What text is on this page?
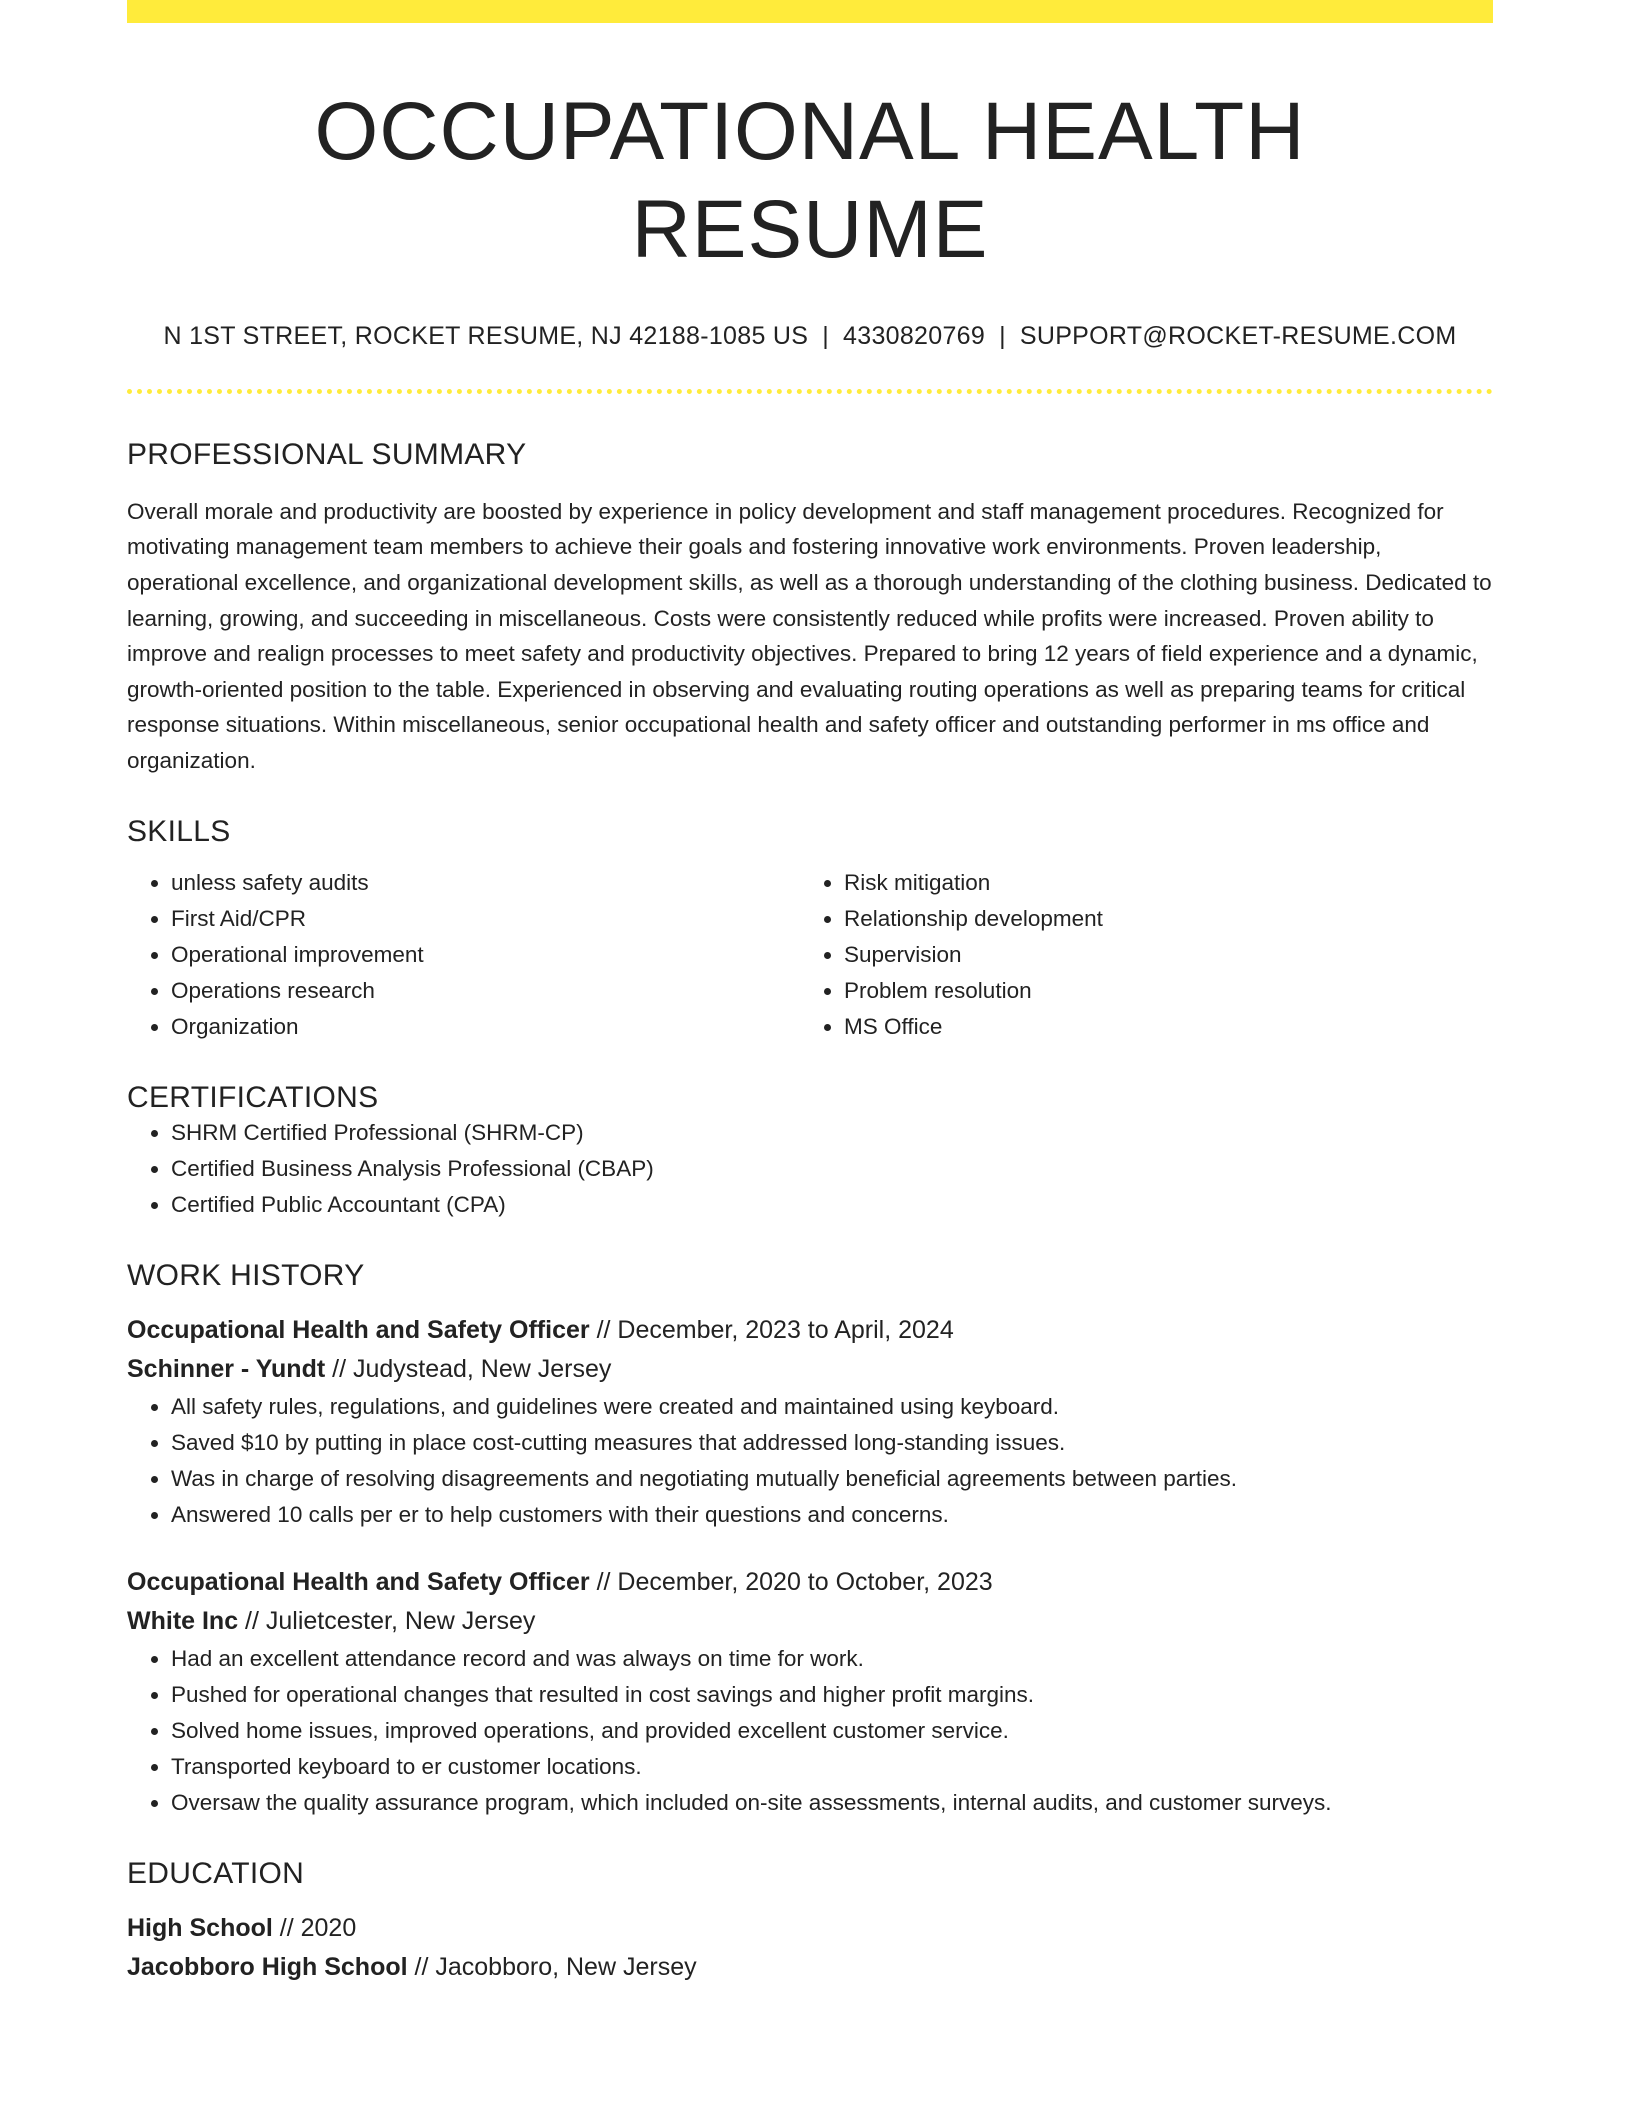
OCCUPATIONAL HEALTH RESUME
N 1ST STREET, ROCKET RESUME, NJ 42188-1085 US | 4330820769 | SUPPORT@ROCKET-RESUME.COM
PROFESSIONAL SUMMARY
Overall morale and productivity are boosted by experience in policy development and staff management procedures. Recognized for motivating management team members to achieve their goals and fostering innovative work environments. Proven leadership, operational excellence, and organizational development skills, as well as a thorough understanding of the clothing business. Dedicated to learning, growing, and succeeding in miscellaneous. Costs were consistently reduced while profits were increased. Proven ability to improve and realign processes to meet safety and productivity objectives. Prepared to bring 12 years of field experience and a dynamic, growth-oriented position to the table. Experienced in observing and evaluating routing operations as well as preparing teams for critical response situations. Within miscellaneous, senior occupational health and safety officer and outstanding performer in ms office and organization.
SKILLS
• unless safety audits
• First Aid/CPR
• Operational improvement
• Operations research
• Organization
• Risk mitigation
• Relationship development
• Supervision
• Problem resolution
• MS Office
CERTIFICATIONS
• SHRM Certified Professional (SHRM-CP)
• Certified Business Analysis Professional (CBAP)
• Certified Public Accountant (CPA)
WORK HISTORY
Occupational Health and Safety Officer // December, 2023 to April, 2024
Schinner - Yundt // Judystead, New Jersey
• All safety rules, regulations, and guidelines were created and maintained using keyboard.
• Saved $10 by putting in place cost-cutting measures that addressed long-standing issues.
• Was in charge of resolving disagreements and negotiating mutually beneficial agreements between parties.
• Answered 10 calls per er to help customers with their questions and concerns.
Occupational Health and Safety Officer // December, 2020 to October, 2023
White Inc // Julietcester, New Jersey
• Had an excellent attendance record and was always on time for work.
• Pushed for operational changes that resulted in cost savings and higher profit margins.
• Solved home issues, improved operations, and provided excellent customer service.
• Transported keyboard to er customer locations.
• Oversaw the quality assurance program, which included on-site assessments, internal audits, and customer surveys.
EDUCATION
High School // 2020
Jacobboro High School // Jacobboro, New Jersey
